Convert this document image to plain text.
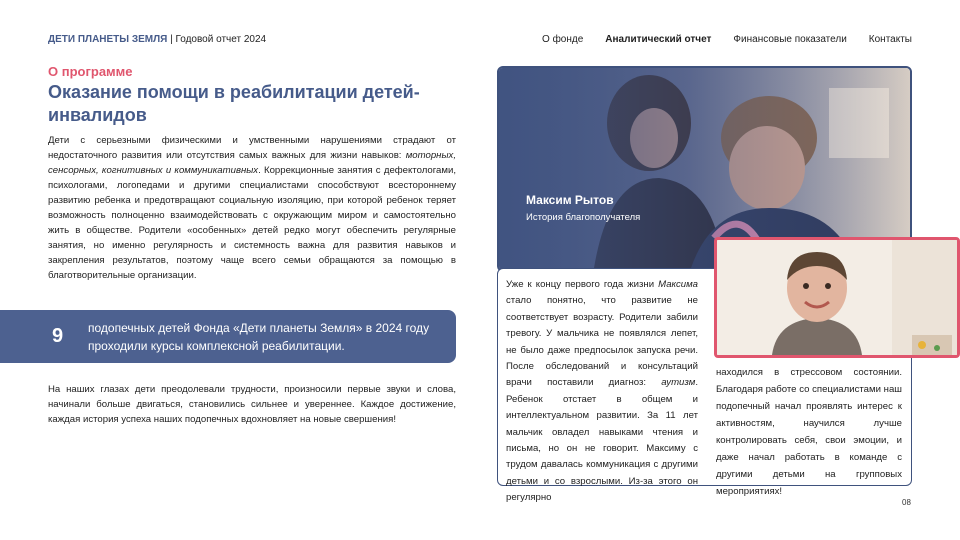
ДЕТИ ПЛАНЕТЫ ЗЕМЛЯ | Годовой отчет 2024	О фонде Аналитический отчет Финансовые показатели Контакты
О программе
Оказание помощи в реабилитации детей-инвалидов

Дети с серьезными физическими и умственными нарушениями страдают от недостаточного развития или отсутствия самых важных для жизни навыков: моторных, сенсорных, когнитивных и коммуникативных. Коррекционные занятия с дефектологами, психологами, логопедами и другими специалистами способствуют всестороннему развитию ребенка и предотвращают социальную изоляцию, при которой ребенок теряет возможность полноценно взаимодействовать с окружающим миром и самостоятельно жить в обществе. Родители «особенных» детей редко могут обеспечить регулярные занятия, но именно регулярность и системность важна для развития навыков и закрепления результатов, поэтому чаще всего семьи обращаются за помощью в благотворительные организации.

9	подопечных детей Фонда «Дети планеты Земля» в 2024 году проходили курсы комплексной реабилитации.

На наших глазах дети преодолевали трудности, произносили первые звуки и слова, начинали больше двигаться, становились сильнее и увереннее. Каждое достижение, каждая история успеха наших подопечных вдохновляет на новые свершения!

Максим Рытов
История благополучателя

Уже к концу первого года жизни Максима стало понятно, что развитие не соответствует возрасту. Родители забили тревогу. У мальчика не появлялся лепет, не было даже предпосылок запуска речи. После обследований и консультаций врачи поставили диагноз: аутизм. Ребенок отстает в общем и интеллектуальном развитии. За 11 лет мальчик овладел навыками чтения и письма, но он не говорит. Максиму с трудом давалась коммуникация с другими детьми и со взрослыми. Из-за этого он регулярно

находился в стрессовом состоянии. Благодаря работе со специалистами наш подопечный начал проявлять интерес к активностям, научился лучше контролировать себя, свои эмоции, и даже начал работать в команде с другими детьми на групповых мероприятиях!

08
